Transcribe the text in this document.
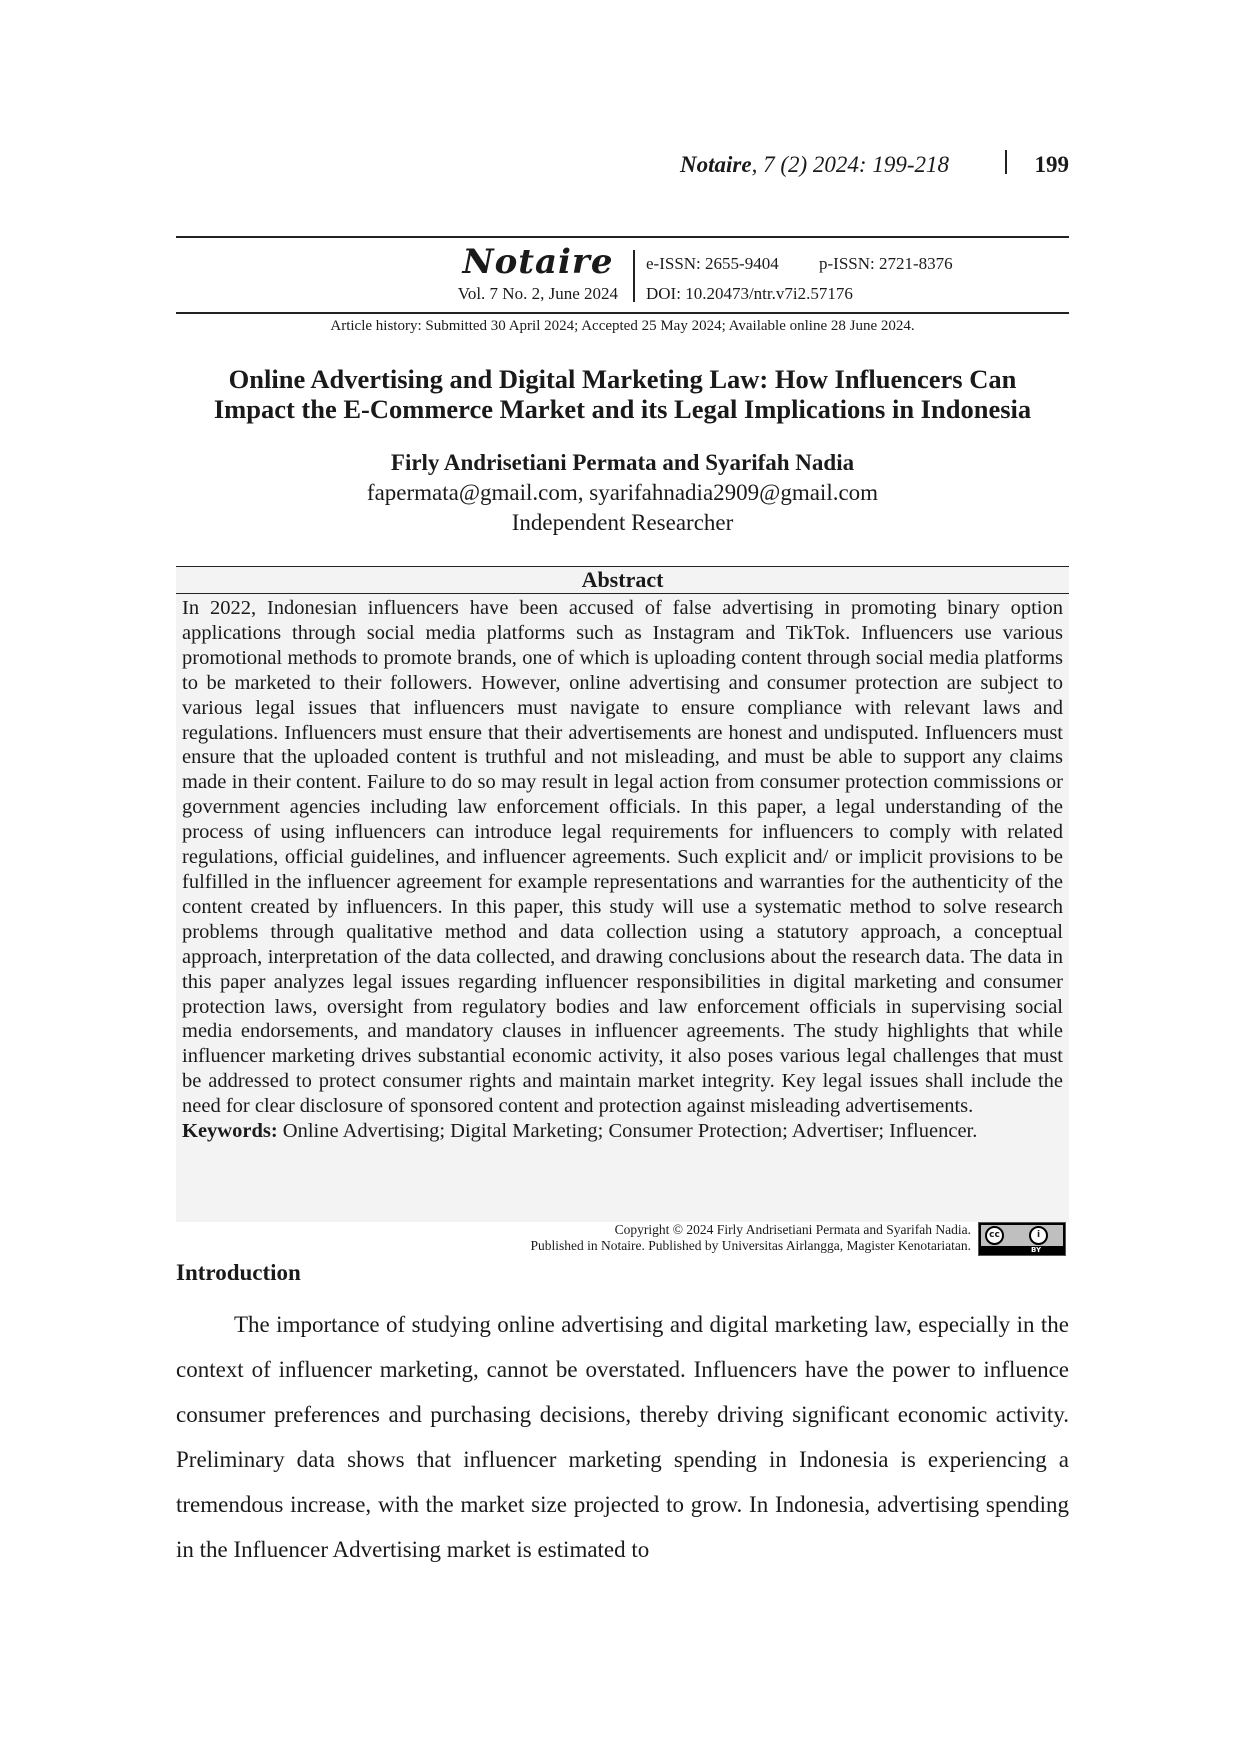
Notaire, 7 (2) 2024: 199-218	199
Notaire
Vol. 7 No. 2, June 2024
e-ISSN: 2655-9404 p-ISSN: 2721-8376
DOI: 10.20473/ntr.v7i2.57176
Article history: Submitted 30 April 2024; Accepted 25 May 2024; Available online 28 June 2024.
Online Advertising and Digital Marketing Law: How Influencers Can
Impact the E-Commerce Market and its Legal Implications in Indonesia
Firly Andrisetiani Permata and Syarifah Nadia
fapermata@gmail.com, syarifahnadia2909@gmail.com
Independent Researcher
Abstract
In 2022, Indonesian influencers have been accused of false advertising in promoting binary option applications through social media platforms such as Instagram and TikTok. Influencers use various promotional methods to promote brands, one of which is uploading content through social media platforms to be marketed to their followers. However, online advertising and consumer protection are subject to various legal issues that influencers must navigate to ensure compliance with relevant laws and regulations. Influencers must ensure that their advertisements are honest and undisputed. Influencers must ensure that the uploaded content is truthful and not misleading, and must be able to support any claims made in their content. Failure to do so may result in legal action from consumer protection commissions or government agencies including law enforcement officials. In this paper, a legal understanding of the process of using influencers can introduce legal requirements for influencers to comply with related regulations, official guidelines, and influencer agreements. Such explicit and/ or implicit provisions to be fulfilled in the influencer agreement for example representations and warranties for the authenticity of the content created by influencers. In this paper, this study will use a systematic method to solve research problems through qualitative method and data collection using a statutory approach, a conceptual approach, interpretation of the data collected, and drawing conclusions about the research data. The data in this paper analyzes legal issues regarding influencer responsibilities in digital marketing and consumer protection laws, oversight from regulatory bodies and law enforcement officials in supervising social media endorsements, and mandatory clauses in influencer agreements. The study highlights that while influencer marketing drives substantial economic activity, it also poses various legal challenges that must be addressed to protect consumer rights and maintain market integrity. Key legal issues shall include the need for clear disclosure of sponsored content and protection against misleading advertisements.
Keywords: Online Advertising; Digital Marketing; Consumer Protection; Advertiser; Influencer.
Copyright © 2024 Firly Andrisetiani Permata and Syarifah Nadia.
Published in Notaire. Published by Universitas Airlangga, Magister Kenotariatan.
cc	i
BY
Introduction
The importance of studying online advertising and digital marketing law, especially in the context of influencer marketing, cannot be overstated. Influencers have the power to influence consumer preferences and purchasing decisions, thereby driving significant economic activity. Preliminary data shows that influencer marketing spending in Indonesia is experiencing a tremendous increase, with the market size projected to grow. In Indonesia, advertising spending in the Influencer Advertising market is estimated to
